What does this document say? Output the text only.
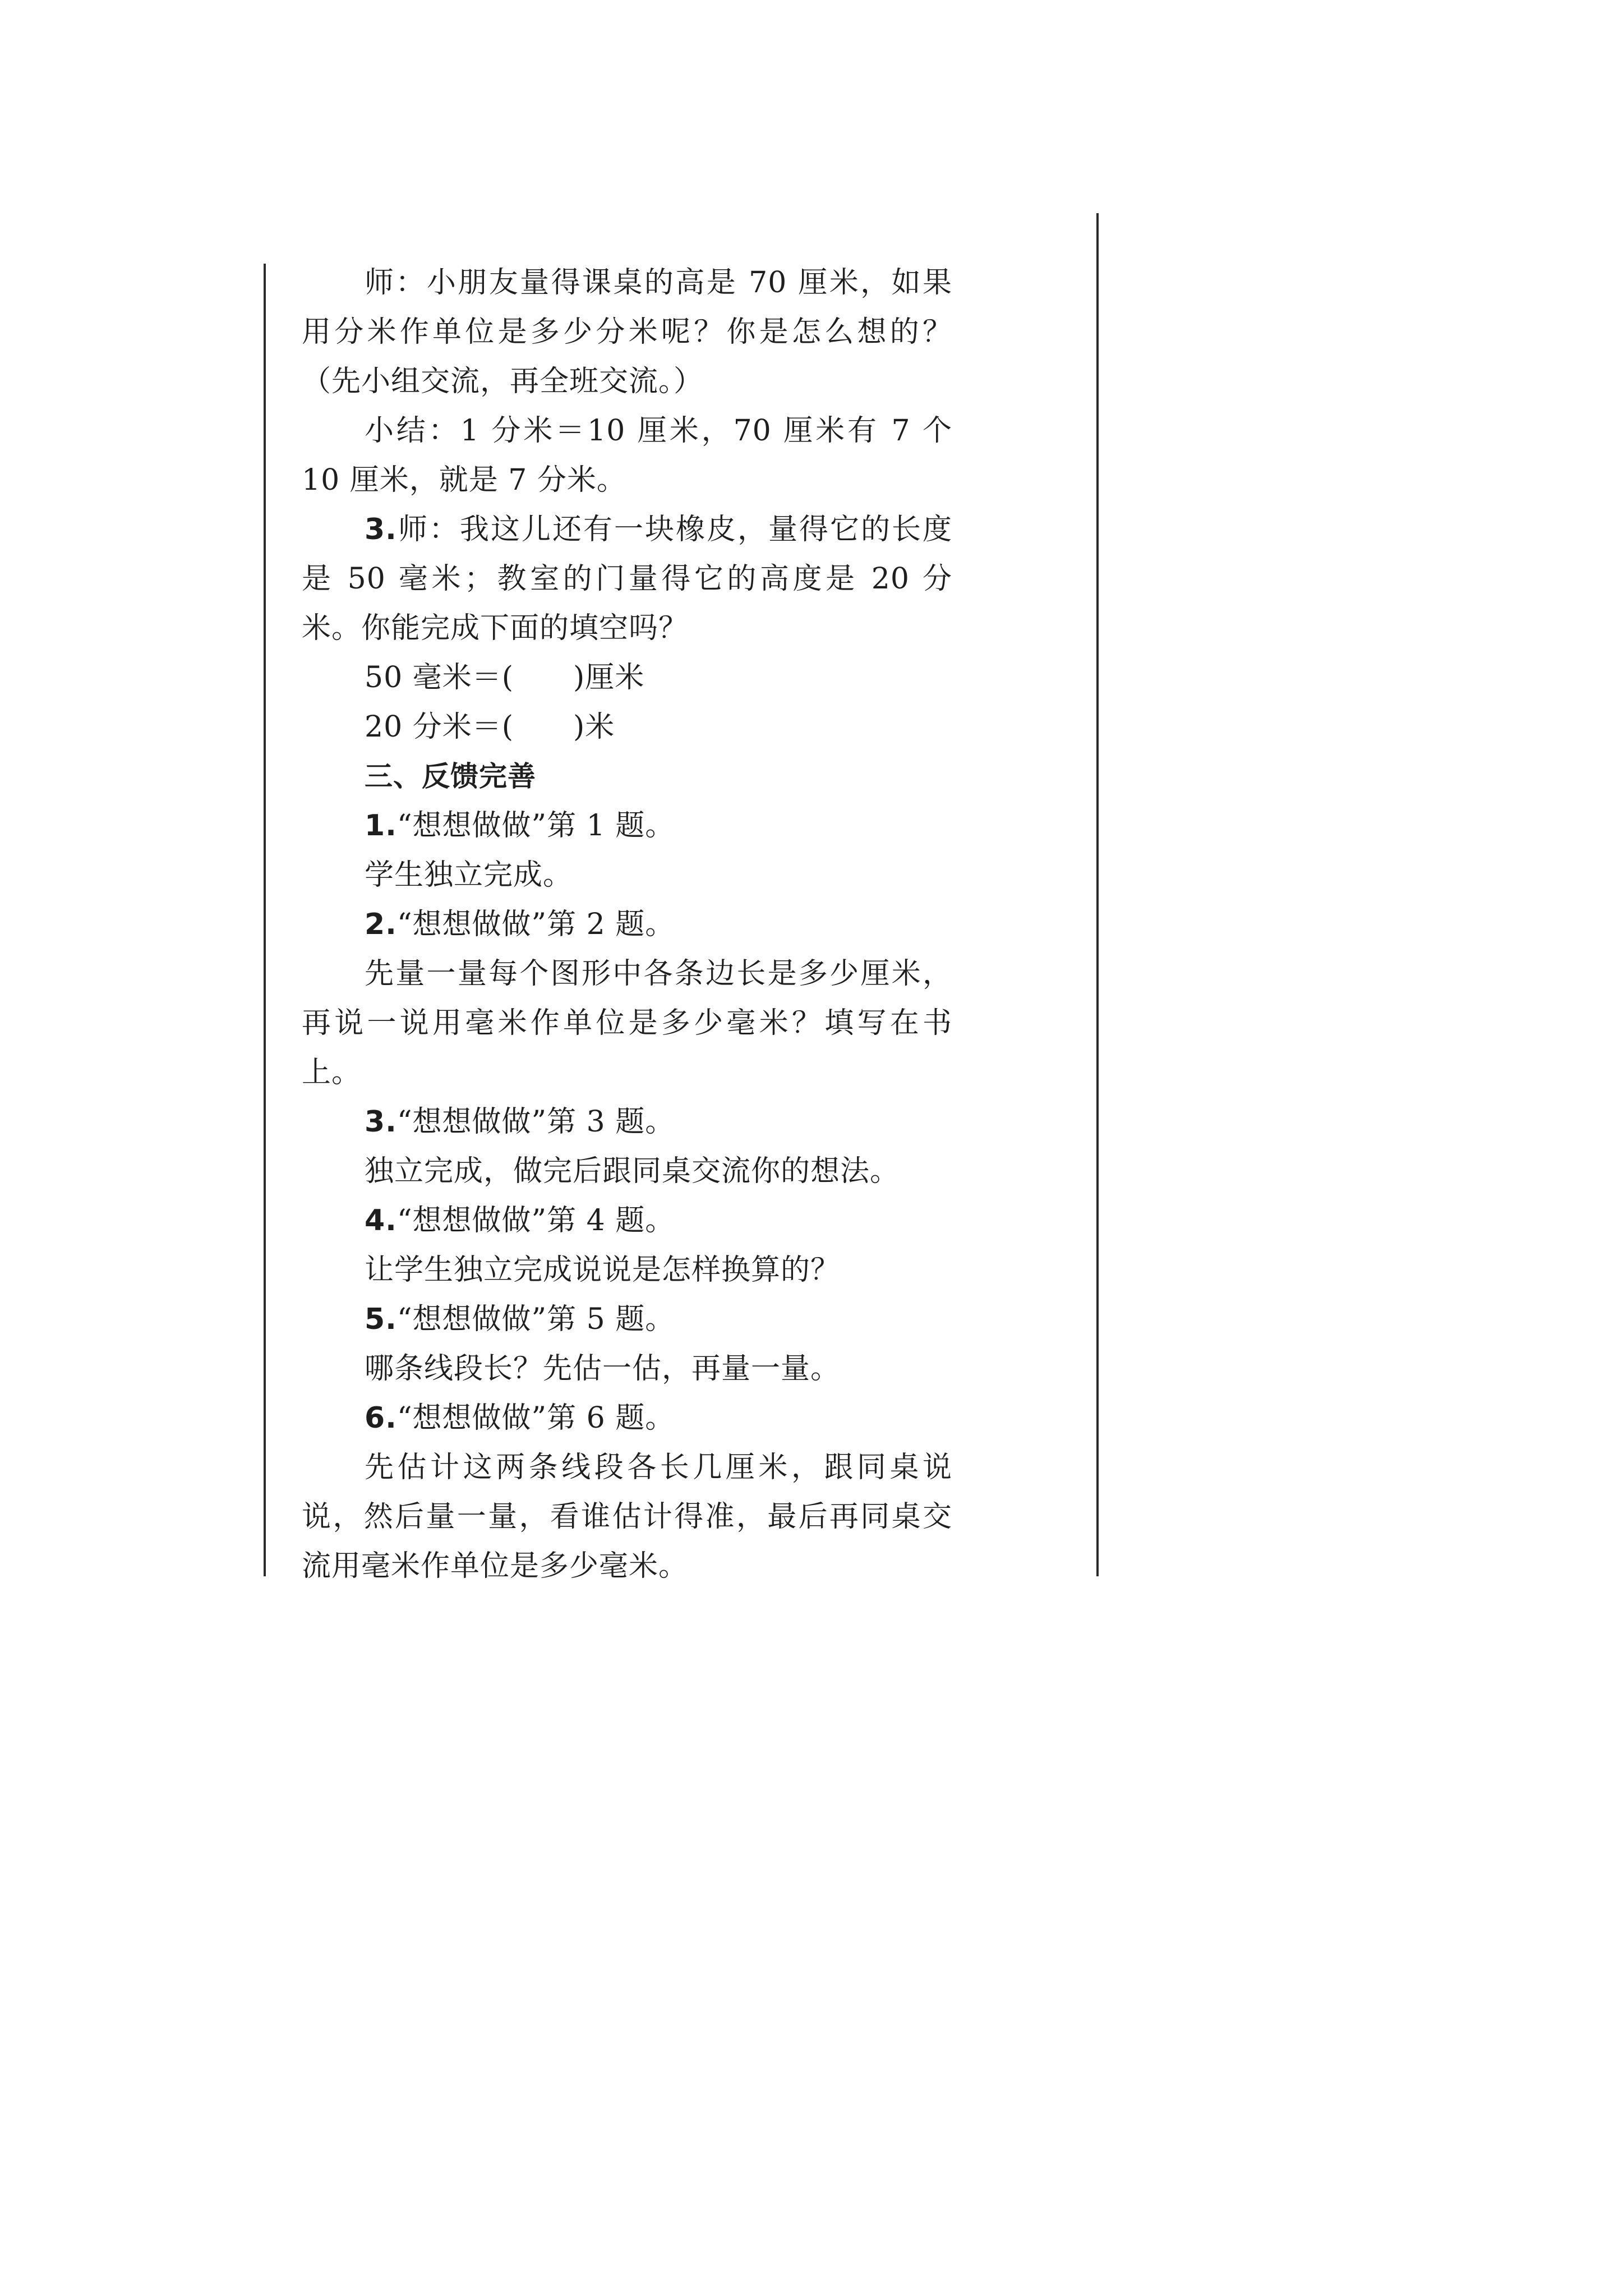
师：小朋友量得课桌的高是 70 厘米，如果用分米作单位是多少分米呢？你是怎么想的？（先小组交流，再全班交流。）

小结：1 分米＝10 厘米，70 厘米有 7 个 10 厘米，就是 7 分米。

3.师：我这儿还有一块橡皮，量得它的长度是 50 毫米；教室的门量得它的高度是 20 分米。你能完成下面的填空吗？

50 毫米＝(　　)厘米

20 分米＝(　　)米

三、反馈完善

1.“想想做做”第 1 题。

学生独立完成。

2.“想想做做”第 2 题。

先量一量每个图形中各条边长是多少厘米，再说一说用毫米作单位是多少毫米？填写在书上。

3.“想想做做”第 3 题。

独立完成，做完后跟同桌交流你的想法。

4.“想想做做”第 4 题。

让学生独立完成说说是怎样换算的？

5.“想想做做”第 5 题。

哪条线段长？先估一估，再量一量。

6.“想想做做”第 6 题。

先估计这两条线段各长几厘米，跟同桌说说，然后量一量，看谁估计得准，最后再同桌交流用毫米作单位是多少毫米。
